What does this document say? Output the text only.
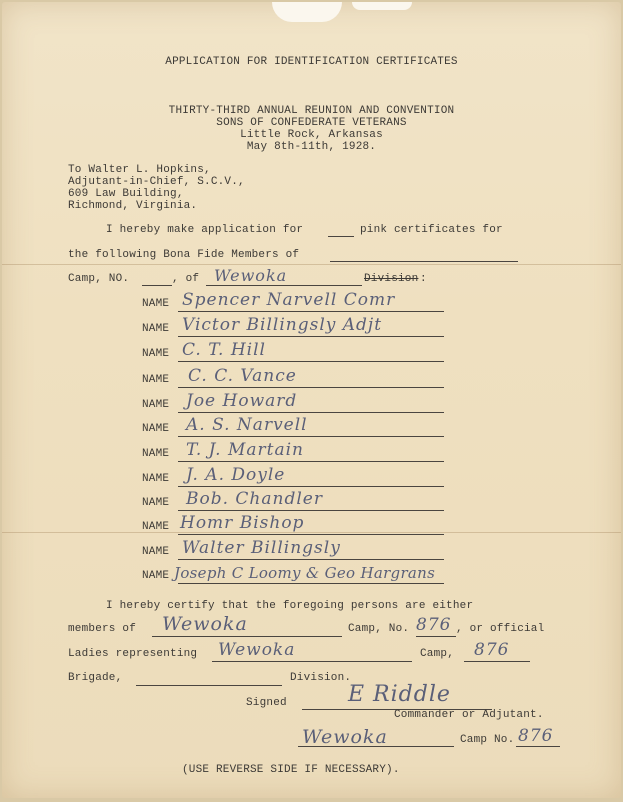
APPLICATION FOR IDENTIFICATION CERTIFICATES
THIRTY-THIRD ANNUAL REUNION AND CONVENTION
SONS OF CONFEDERATE VETERANS
Little Rock, Arkansas
May 8th-11th, 1928.
To Walter L. Hopkins,
Adjutant-in-Chief, S.C.V.,
609 Law Building,
Richmond, Virginia.
I hereby make application for	pink certificates for
the following Bona Fide Members of
Camp, NO.	, of Wewoka	Division :
NAME Spencer Narvell Comr
NAME Victor Billingsly Adjt
NAME C. T. Hill
NAME C. C. Vance
NAME Joe Howard
NAME A. S. Narvell
NAME T. J. Martain
NAME J. A. Doyle
NAME Bob. Chandler
NAME Homr Bishop
NAME Walter Billingsly
NAME Joseph C Loomy & Geo Hargrans
I hereby certify that the foregoing persons are either
members of Wewoka	Camp, No. 876 , or official
Ladies representing Wewoka	Camp, 876
Brigade,	Division.
Signed	E Riddle
Commander or Adjutant.
Wewoka	Camp No. 876
(USE REVERSE SIDE IF NECESSARY).
